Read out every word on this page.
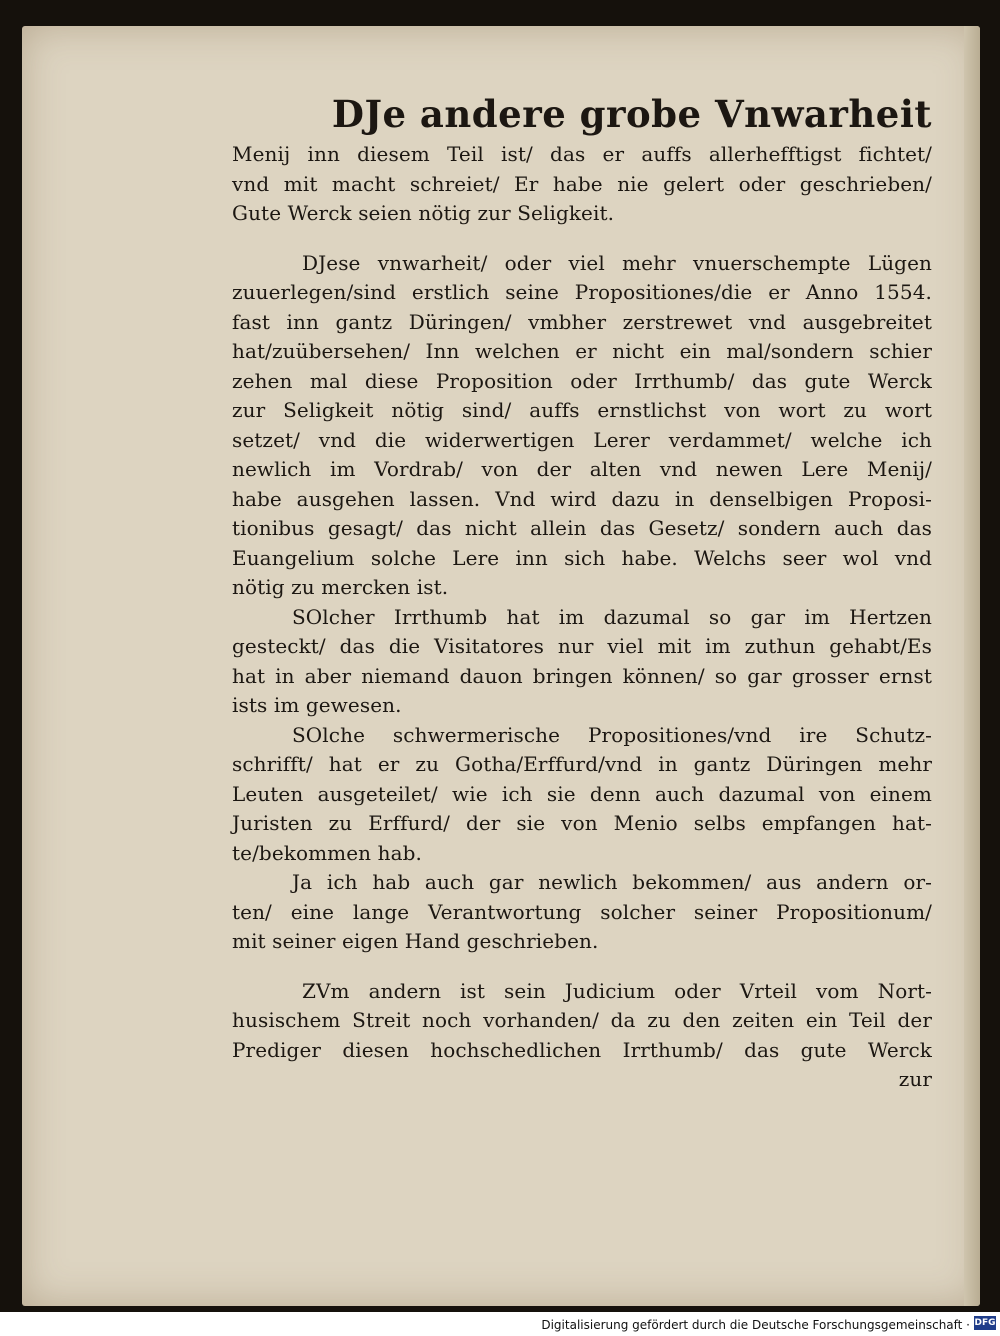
DJe andere grobe Vnwarheit
Menij inn diesem Teil ist/ das er auffs allerhefftigst fichtet/
vnd mit macht schreiet/ Er habe nie gelert oder geschrieben/
Gute Werck seien nötig zur Seligkeit.
DJese vnwarheit/ oder viel mehr vnuerschempte Lügen
zuuerlegen/sind erstlich seine Propositiones/die er Anno 1554.
fast inn gantz Düringen/ vmbher zerstrewet vnd ausgebreitet
hat/zuübersehen/ Inn welchen er nicht ein mal/sondern schier
zehen mal diese Proposition oder Irrthumb/ das gute Werck
zur Seligkeit nötig sind/ auffs ernstlichst von wort zu wort
setzet/ vnd die widerwertigen Lerer verdammet/ welche ich
newlich im Vordrab/ von der alten vnd newen Lere Menij/
habe ausgehen lassen. Vnd wird dazu in denselbigen Proposi-
tionibus gesagt/ das nicht allein das Gesetz/ sondern auch das
Euangelium solche Lere inn sich habe. Welchs seer wol vnd
nötig zu mercken ist.
SOlcher Irrthumb hat im dazumal so gar im Hertzen
gesteckt/ das die Visitatores nur viel mit im zuthun gehabt/Es
hat in aber niemand dauon bringen können/ so gar grosser ernst
ists im gewesen.
SOlche schwermerische Propositiones/vnd ire Schutz-
schrifft/ hat er zu Gotha/Erffurd/vnd in gantz Düringen mehr
Leuten ausgeteilet/ wie ich sie denn auch dazumal von einem
Juristen zu Erffurd/ der sie von Menio selbs empfangen hat-
te/bekommen hab.
Ja ich hab auch gar newlich bekommen/ aus andern or-
ten/ eine lange Verantwortung solcher seiner Propositionum/
mit seiner eigen Hand geschrieben.
ZVm andern ist sein Judicium oder Vrteil vom Nort-
husischem Streit noch vorhanden/ da zu den zeiten ein Teil der
Prediger diesen hochschedlichen Irrthumb/ das gute Werck
zur
Digitalisierung gefördert durch die Deutsche Forschungsgemeinschaft · DFG
